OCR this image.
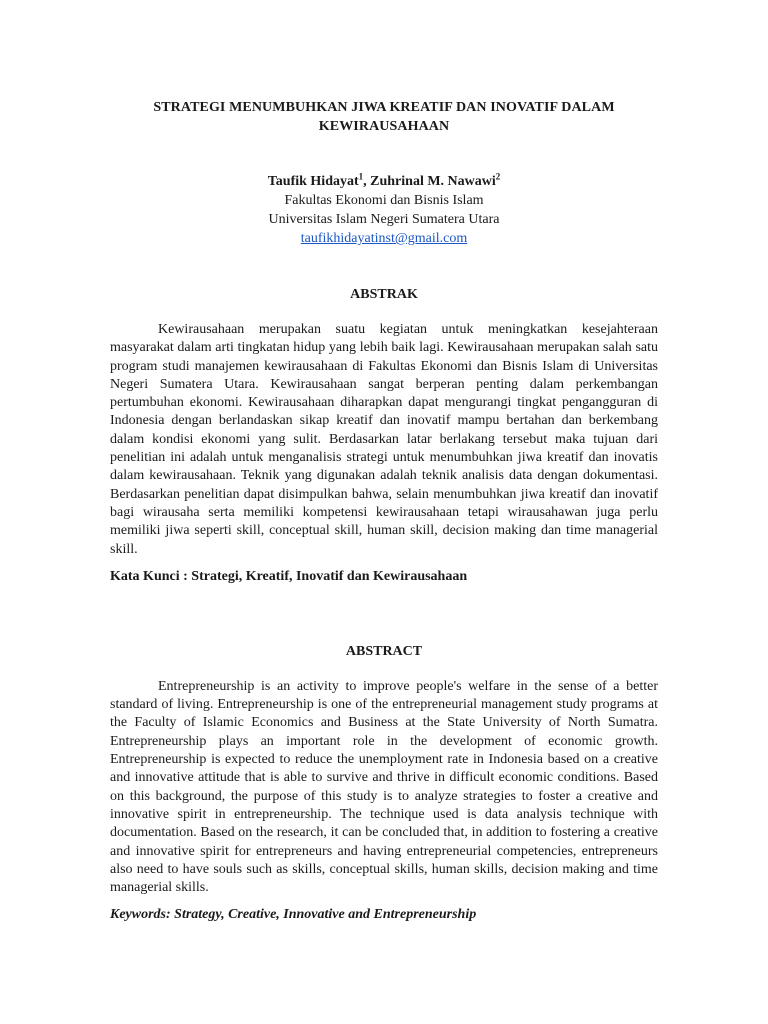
STRATEGI MENUMBUHKAN JIWA KREATIF DAN INOVATIF DALAM

KEWIRAUSAHAAN

Taufik Hidayat$^1$, Zuhrinal M. Nawawi$^2$
Fakultas Ekonomi dan Bisnis Islam
Universitas Islam Negeri Sumatera Utara
taufikhidayatinst@gmail.com

ABSTRAK

Kewirausahaan merupakan suatu kegiatan untuk meningkatkan kesejahteraan masyarakat dalam arti tingkatan hidup yang lebih baik lagi. Kewirausahaan merupakan salah satu program studi manajemen kewirausahaan di Fakultas Ekonomi dan Bisnis Islam di Universitas Negeri Sumatera Utara. Kewirausahaan sangat berperan penting dalam perkembangan pertumbuhan ekonomi. Kewirausahaan diharapkan dapat mengurangi tingkat pengangguran di Indonesia dengan berlandaskan sikap kreatif dan inovatif mampu bertahan dan berkembang dalam kondisi ekonomi yang sulit. Berdasarkan latar berlakang tersebut maka tujuan dari penelitian ini adalah untuk menganalisis strategi untuk menumbuhkan jiwa kreatif dan inovatis dalam kewirausahaan. Teknik yang digunakan adalah teknik analisis data dengan dokumentasi. Berdasarkan penelitian dapat disimpulkan bahwa, selain menumbuhkan jiwa kreatif dan inovatif bagi wirausaha serta memiliki kompetensi kewirausahaan tetapi wirausahawan juga perlu memiliki jiwa seperti skill, conceptual skill, human skill, decision making dan time managerial skill.

Kata Kunci : Strategi, Kreatif, Inovatif dan Kewirausahaan

ABSTRACT

Entrepreneurship is an activity to improve people's welfare in the sense of a better standard of living. Entrepreneurship is one of the entrepreneurial management study programs at the Faculty of Islamic Economics and Business at the State University of North Sumatra. Entrepreneurship plays an important role in the development of economic growth. Entrepreneurship is expected to reduce the unemployment rate in Indonesia based on a creative and innovative attitude that is able to survive and thrive in difficult economic conditions. Based on this background, the purpose of this study is to analyze strategies to foster a creative and innovative spirit in entrepreneurship. The technique used is data analysis technique with documentation. Based on the research, it can be concluded that, in addition to fostering a creative and innovative spirit for entrepreneurs and having entrepreneurial competencies, entrepreneurs also need to have souls such as skills, conceptual skills, human skills, decision making and time managerial skills.

Keywords: Strategy, Creative, Innovative and Entrepreneurship
